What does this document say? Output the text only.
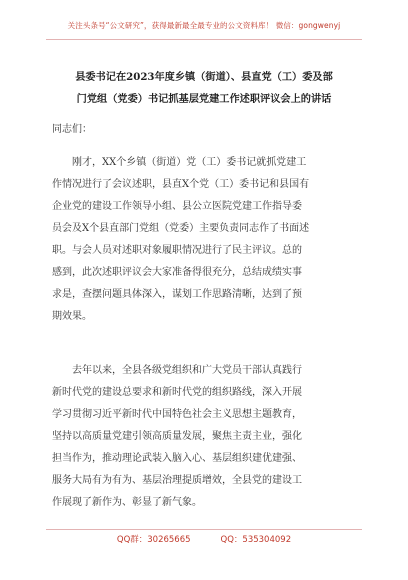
关注头条号“公文研究”，获得最新最全最专业的公文资料库！ 微信：gongwenyj
县委书记在2023年度乡镇（街道）、县直党（工）委及部
门党组（党委）书记抓基层党建工作述职评议会上的讲话
同志们：
刚才，XX个乡镇（街道）党（工）委书记就抓党建工
作情况进行了会议述职，县直X个党（工）委书记和县国有
企业党的建设工作领导小组、县公立医院党建工作指导委
员会及X个县直部门党组（党委）主要负责同志作了书面述
职。与会人员对述职对象履职情况进行了民主评议。总的
感到，此次述职评议会大家准备得很充分，总结成绩实事
求是，查摆问题具体深入，谋划工作思路清晰，达到了预
期效果。
去年以来，全县各级党组织和广大党员干部认真践行
新时代党的建设总要求和新时代党的组织路线，深入开展
学习贯彻习近平新时代中国特色社会主义思想主题教育，
坚持以高质量党建引领高质量发展，聚焦主责主业，强化
担当作为，推动理论武装入脑入心、基层组织建优建强、
服务大局有为有为、基层治理提质增效，全县党的建设工
作展现了新作为、彰显了新气象。
QQ群：30265665	QQ：535304092
